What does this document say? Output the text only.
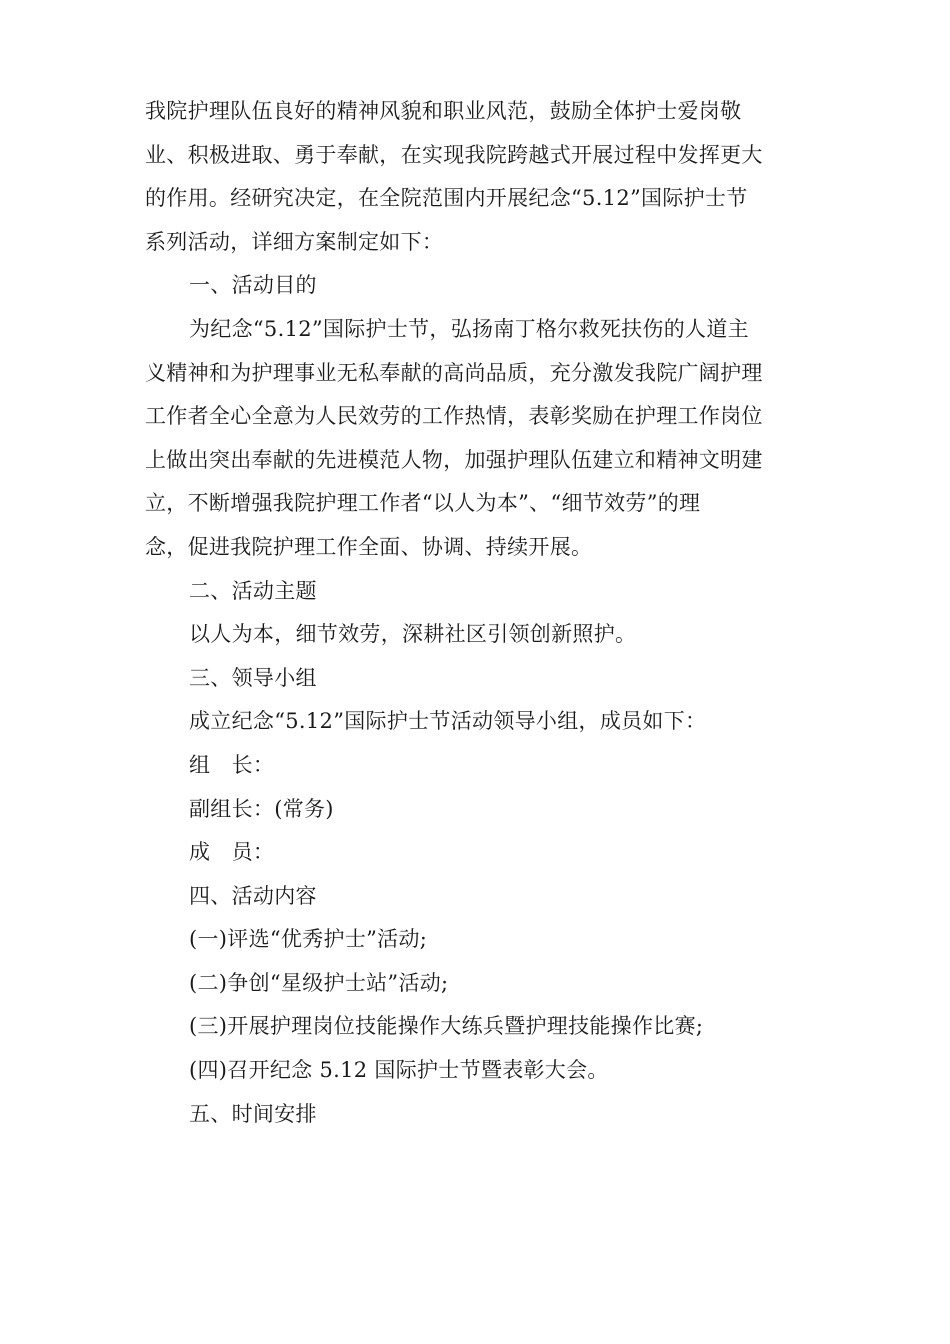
我院护理队伍良好的精神风貌和职业风范，鼓励全体护士爱岗敬
业、积极进取、勇于奉献，在实现我院跨越式开展过程中发挥更大
的作用。经研究决定，在全院范围内开展纪念“5.12”国际护士节
系列活动，详细方案制定如下：
一、活动目的
为纪念“5.12”国际护士节，弘扬南丁格尔救死扶伤的人道主
义精神和为护理事业无私奉献的高尚品质，充分激发我院广阔护理
工作者全心全意为人民效劳的工作热情，表彰奖励在护理工作岗位
上做出突出奉献的先进模范人物，加强护理队伍建立和精神文明建
立，不断增强我院护理工作者“以人为本”、“细节效劳”的理
念，促进我院护理工作全面、协调、持续开展。
二、活动主题
以人为本，细节效劳，深耕社区引领创新照护。
三、领导小组
成立纪念“5.12”国际护士节活动领导小组，成员如下：
组　长：
副组长：(常务)
成　员：
四、活动内容
(一)评选“优秀护士”活动;
(二)争创“星级护士站”活动;
(三)开展护理岗位技能操作大练兵暨护理技能操作比赛;
(四)召开纪念 5.12 国际护士节暨表彰大会。
五、时间安排
